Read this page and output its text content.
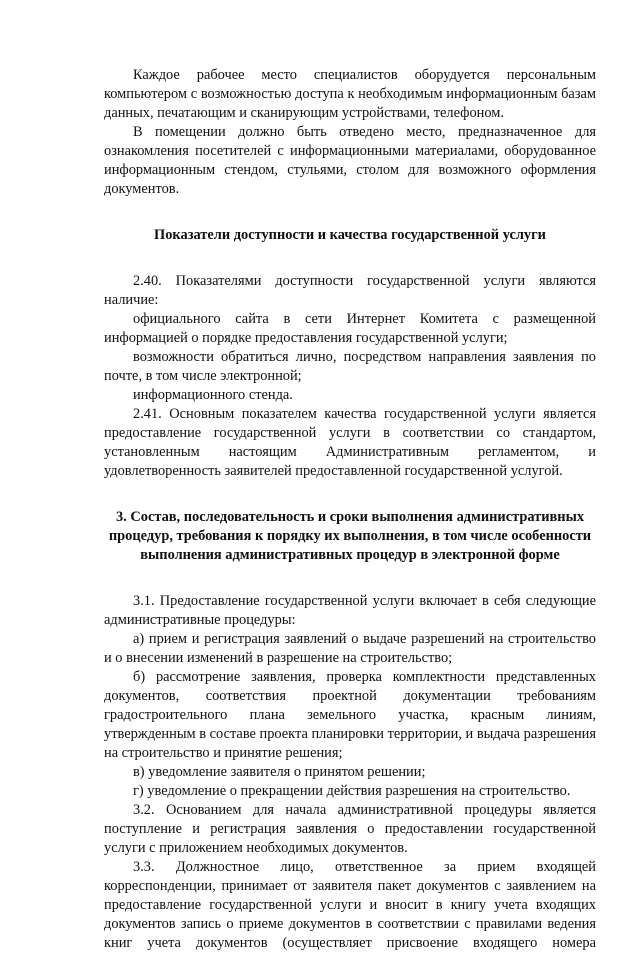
Каждое рабочее место специалистов оборудуется персональным компьютером с возможностью доступа к необходимым информационным базам данных, печатающим и сканирующим устройствами, телефоном.

В помещении должно быть отведено место, предназначенное для ознакомления посетителей с информационными материалами, оборудованное информационным стендом, стульями, столом для возможного оформления документов.

Показатели доступности и качества государственной услуги

2.40. Показателями доступности государственной услуги являются наличие:

официального сайта в сети Интернет Комитета с размещенной информацией о порядке предоставления государственной услуги;

возможности обратиться лично, посредством направления заявления по почте, в том числе электронной;

информационного стенда.

2.41. Основным показателем качества государственной услуги является предоставление государственной услуги в соответствии со стандартом, установленным настоящим Административным регламентом, и удовлетворенность заявителей предоставленной государственной услугой.

3. Состав, последовательность и сроки выполнения административных процедур, требования к порядку их выполнения, в том числе особенности выполнения административных процедур в электронной форме

3.1. Предоставление государственной услуги включает в себя следующие административные процедуры:

а) прием и регистрация заявлений о выдаче разрешений на строительство и о внесении изменений в разрешение на строительство;

б) рассмотрение заявления, проверка комплектности представленных документов, соответствия проектной документации требованиям градостроительного плана земельного участка, красным линиям, утвержденным в составе проекта планировки территории, и выдача разрешения на строительство и принятие решения;

в) уведомление заявителя о принятом решении;

г) уведомление о прекращении действия разрешения на строительство.

3.2. Основанием для начала административной процедуры является поступление и регистрация заявления о предоставлении государственной услуги с приложением необходимых документов.

3.3. Должностное лицо, ответственное за прием входящей корреспонденции, принимает от заявителя пакет документов с заявлением на предоставление государственной услуги и вносит в книгу учета входящих документов запись о приеме документов в соответствии с правилами ведения книг учета документов (осуществляет присвоение входящего номера
